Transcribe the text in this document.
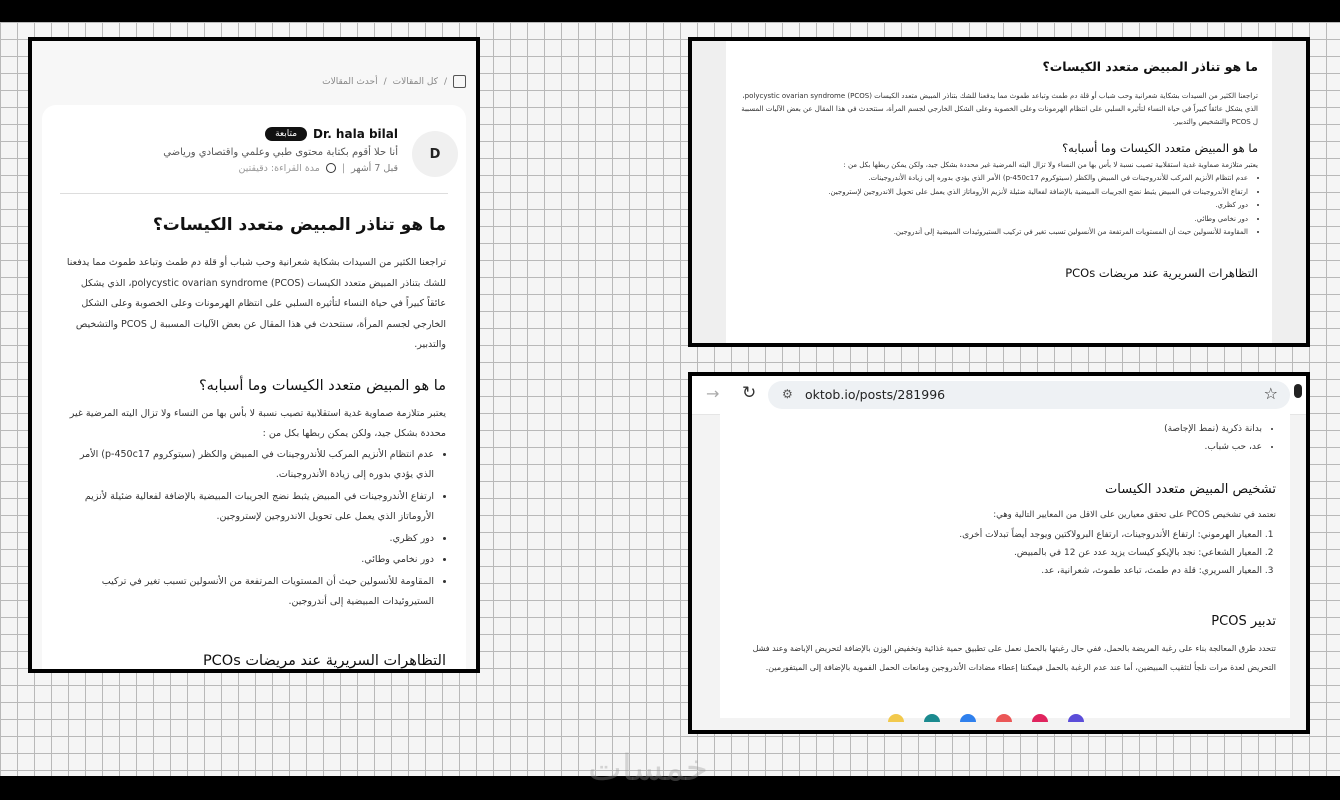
/
كل المقالات
/
أحدث المقالات
D
Dr. hala bilal
متابعة
أنا حلا أقوم بكتابة محتوى طبي وعلمي واقتصادي ورياضي
قبل 7 أشهر
|
مدة القراءة: دقيقتين
ما هو تناذر المبيض متعدد الكيسات؟

تراجعنا الكثير من السيدات بشكاية شعرانية وحب شباب أو قلة دم طمث وتباعد طموث مما يدفعنا للشك بتناذر المبيض متعدد الكيسات polycystic ovarian syndrome (PCOS)، الذي يشكل عائقاً كبيراً في حياة النساء لتأثيره السلبي على انتظام الهرمونات وعلى الخصوبة وعلى الشكل الخارجي لجسم المرأة، سنتحدث في هذا المقال عن بعض الآليات المسببة ل PCOS والتشخيص والتدبير.

ما هو المبيض متعدد الكيسات وما أسبابه؟

يعتبر متلازمة صماوية غدية استقلابية تصيب نسبة لا بأس بها من النساء ولا تزال اليته المرضية غير محددة بشكل جيد، ولكن يمكن ربطها بكل من :

• عدم انتظام الأنزيم المركب للأندروجينات في المبيض والكظر (سيتوكروم p-450c17) الأمر الذي يؤدي بدوره إلى زيادة الأندروجينات.
• ارتفاع الأندروجينات في المبيض يثبط نضج الجريبات المبيضية بالإضافة لفعالية ضئيلة لأنزيم الأروماتاز الذي يعمل على تحويل الاندروجين لإستروجين.
• دور كظري.
• دور نخامي وطائي.
• المقاومة للأنسولين حيث أن المستويات المرتفعة من الأنسولين تسبب تغير في تركيب الستيروئيدات المبيضية إلى أندروجين.
التظاهرات السريرية عند مريضات PCOs
ما هو تناذر المبيض متعدد الكيسات؟

تراجعنا الكثير من السيدات بشكاية شعرانية وحب شباب أو قلة دم طمث وتباعد طموث مما يدفعنا للشك بتناذر المبيض متعدد الكيسات polycystic ovarian syndrome (PCOS)، الذي يشكل عائقاً كبيراً في حياة النساء لتأثيره السلبي على انتظام الهرمونات وعلى الخصوبة وعلى الشكل الخارجي لجسم المرأة، سنتحدث في هذا المقال عن بعض الآليات المسببة ل PCOS والتشخيص والتدبير.

ما هو المبيض متعدد الكيسات وما أسبابه؟

يعتبر متلازمة صماوية غدية استقلابية تصيب نسبة لا بأس بها من النساء ولا تزال اليته المرضية غير محددة بشكل جيد، ولكن يمكن ربطها بكل من :

• عدم انتظام الأنزيم المركب للأندروجينات في المبيض والكظر (سيتوكروم p-450c17) الأمر الذي يؤدي بدوره إلى زيادة الأندروجينات.
• ارتفاع الأندروجينات في المبيض يثبط نضج الجريبات المبيضية بالإضافة لفعالية ضئيلة لأنزيم الأروماتاز الذي يعمل على تحويل الاندروجين لإستروجين.
• دور كظري.
• دور نخامي وطائي.
• المقاومة للأنسولين حيث أن المستويات المرتفعة من الأنسولين تسبب تغير في تركيب الستيروئيدات المبيضية إلى أندروجين.
التظاهرات السريرية عند مريضات PCOs
→ ↻ ⚙ oktob.io/posts/281996	☆
• بدانة ذكرية (نمط الإجاصة)
• عد، حب شباب.
تشخيص المبيض متعدد الكيسات

نعتمد في تشخيص PCOS على تحقق معيارين على الاقل من المعايير التالية وهي:

1. المعيار الهرموني: ارتفاع الأندروجينات، ارتفاع البرولاكتين ويوجد أيضاً تبدلات أخرى.
2. المعيار الشعاعي: نجد بالإيكو كيسات يزيد عدد عن 12 في بالمبيض.
3. المعيار السريري: قلة دم طمث، تباعد طموث، شعرانية، عد.
تدبير PCOS

تتحدد طرق المعالجة بناء على رغبة المريضة بالحمل، ففي حال رغبتها بالحمل نعمل على تطبيق حمية غذائية وتخفيض الوزن بالإضافة لتحريض الإباضة وعند فشل التحريض لعدة مرات نلجأ لتثقيب المبيضين، أما عند عدم الرغبة بالحمل فيمكننا إعطاء مضادات الأندروجين ومانعات الحمل الفموية بالإضافة إلى الميتفورمين.

خمسات
